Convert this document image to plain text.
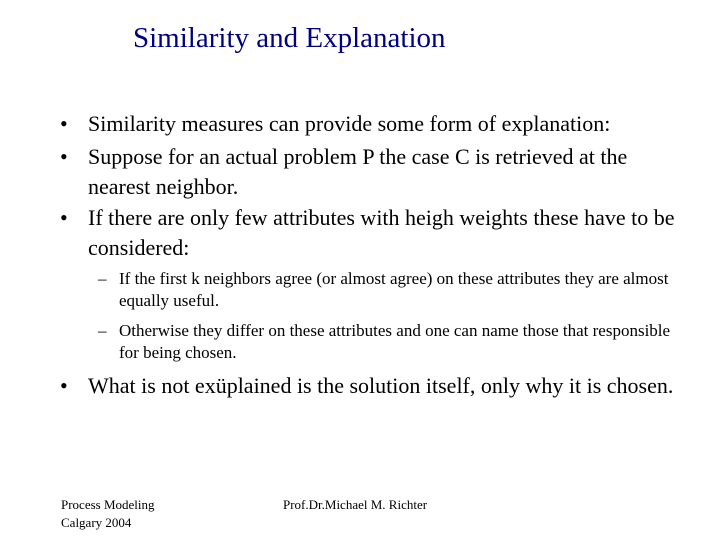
Similarity and Explanation
• Similarity measures can provide some form of explanation:
• Suppose for an actual problem P the case C is retrieved at the nearest neighbor.
• If there are only few attributes with heigh weights these have to be considered:
– If the first k neighbors agree (or almost agree) on these attributes they are almost equally useful.
– Otherwise they differ on these attributes and one can name those that responsible for being chosen.
• What is not exüplained is the solution itself, only why it is chosen.
Process Modeling
Calgary 2004
Prof.Dr.Michael M. Richter
